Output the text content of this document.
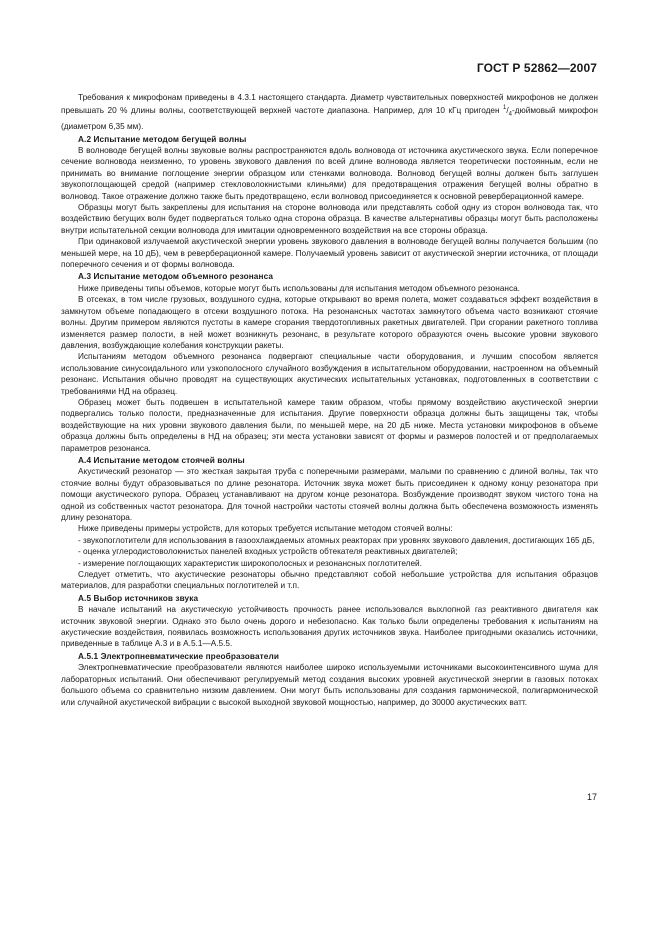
ГОСТ Р 52862—2007
Требования к микрофонам приведены в 4.3.1 настоящего стандарта. Диаметр чувствительных поверхностей микрофонов не должен превышать 20 % длины волны, соответствующей верхней частоте диапазона. Например, для 10 кГц пригоден $^1/_4$-дюймовый микрофон (диаметром 6,35 мм).
А.2 Испытание методом бегущей волны
В волноводе бегущей волны звуковые волны распространяются вдоль волновода от источника акустического звука. Если поперечное сечение волновода неизменно, то уровень звукового давления по всей длине волновода является теоретически постоянным, если не принимать во внимание поглощение энергии образцом или стенками волновода. Волновод бегущей волны должен быть заглушен звукопоглощающей средой (например стекловолокнистыми клиньями) для предотвращения отражения бегущей волны обратно в волновод. Такое отражение должно также быть предотвращено, если волновод присоединяется к основной реверберационной камере.
Образцы могут быть закреплены для испытания на стороне волновода или представлять собой одну из сторон волновода так, что воздействию бегущих волн будет подвергаться только одна сторона образца. В качестве альтернативы образцы могут быть расположены внутри испытательной секции волновода для имитации одновременного воздействия на все стороны образца.
При одинаковой излучаемой акустической энергии уровень звукового давления в волноводе бегущей волны получается большим (по меньшей мере, на 10 дБ), чем в реверберационной камере. Получаемый уровень зависит от акустической энергии источника, от площади поперечного сечения и от формы волновода.
А.3 Испытание методом объемного резонанса
Ниже приведены типы объемов, которые могут быть использованы для испытания методом объемного резонанса.
В отсеках, в том числе грузовых, воздушного судна, которые открывают во время полета, может создаваться эффект воздействия в замкнутом объеме попадающего в отсеки воздушного потока. На резонансных частотах замкнутого объема часто возникают стоячие волны. Другим примером являются пустоты в камере сгорания твердотопливных ракетных двигателей. При сгорании ракетного топлива изменяется размер полости, в ней может возникнуть резонанс, в результате которого образуются очень высокие уровни звукового давления, возбуждающие колебания конструкции ракеты.
Испытаниям методом объемного резонанса подвергают специальные части оборудования, и лучшим способом является использование синусоидального или узкополосного случайного возбуждения в испытательном оборудовании, настроенном на объемный резонанс. Испытания обычно проводят на существующих акустических испытательных установках, подготовленных в соответствии с требованиями НД на образец.
Образец может быть подвешен в испытательной камере таким образом, чтобы прямому воздействию акустической энергии подвергались только полости, предназначенные для испытания. Другие поверхности образца должны быть защищены так, чтобы воздействующие на них уровни звукового давления были, по меньшей мере, на 20 дБ ниже. Места установки микрофонов в объеме образца должны быть определены в НД на образец; эти места установки зависят от формы и размеров полостей и от предполагаемых параметров резонанса.
А.4 Испытание методом стоячей волны
Акустический резонатор — это жесткая закрытая труба с поперечными размерами, малыми по сравнению с длиной волны, так что стоячие волны будут образовываться по длине резонатора. Источник звука может быть присоединен к одному концу резонатора при помощи акустического рупора. Образец устанавливают на другом конце резонатора. Возбуждение производят звуком чистого тона на одной из собственных частот резонатора. Для точной настройки частоты стоячей волны должна быть обеспечена возможность изменять длину резонатора.
Ниже приведены примеры устройств, для которых требуется испытание методом стоячей волны:
- звукопоглотители для использования в газоохлаждаемых атомных реакторах при уровнях звукового давления, достигающих 165 дБ,
- оценка углеродистоволокнистых панелей входных устройств обтекателя реактивных двигателей;
- измерение поглощающих характеристик широкополосных и резонансных поглотителей.
Следует отметить, что акустические резонаторы обычно представляют собой небольшие устройства для испытания образцов материалов, для разработки специальных поглотителей и т.п.
А.5 Выбор источников звука
В начале испытаний на акустическую устойчивость прочность ранее использовался выхлопной газ реактивного двигателя как источник звуковой энергии. Однако это было очень дорого и небезопасно. Как только были определены требования к испытаниям на акустические воздействия, появилась возможность использования других источников звука. Наиболее пригодными оказались источники, приведенные в таблице А.3 и в А.5.1—А.5.5.
А.5.1 Электропневматические преобразователи
Электропневматические преобразователи являются наиболее широко используемыми источниками высокоинтенсивного шума для лабораторных испытаний. Они обеспечивают регулируемый метод создания высоких уровней акустической энергии в газовых потоках большого объема со сравнительно низким давлением. Они могут быть использованы для создания гармонической, полигармонической или случайной акустической вибрации с высокой выходной звуковой мощностью, например, до 30000 акустических ватт.
17
